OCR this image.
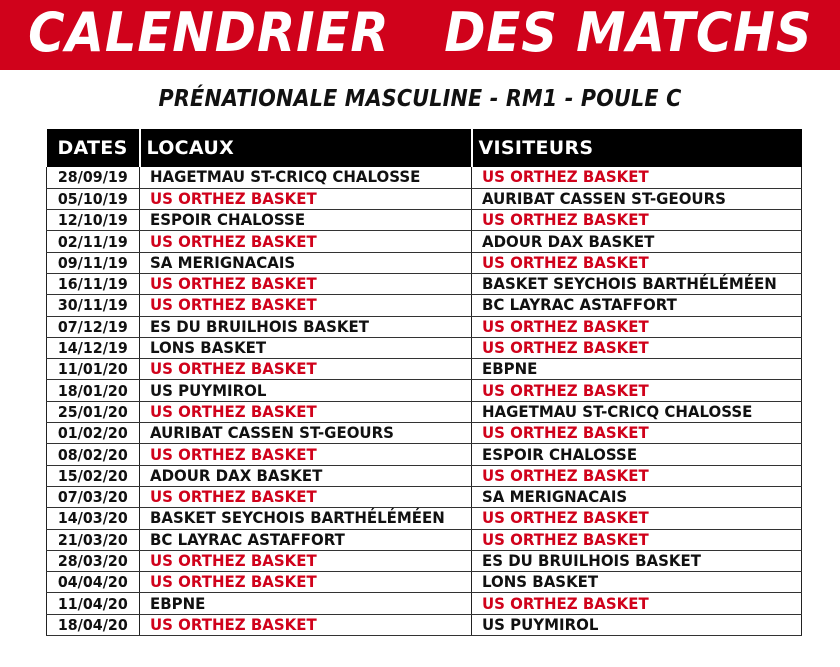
CALENDRIER   DES MATCHS
PRÉNATIONALE MASCULINE - RM1 - POULE C
DATES	LOCAUX	VISITEURS
28/09/19	HAGETMAU ST-CRICQ CHALOSSE	US ORTHEZ BASKET
05/10/19	US ORTHEZ BASKET	AURIBAT CASSEN ST-GEOURS
12/10/19	ESPOIR CHALOSSE	US ORTHEZ BASKET
02/11/19	US ORTHEZ BASKET	ADOUR DAX BASKET
09/11/19	SA MERIGNACAIS	US ORTHEZ BASKET
16/11/19	US ORTHEZ BASKET	BASKET SEYCHOIS BARTHÉLÉMÉEN
30/11/19	US ORTHEZ BASKET	BC LAYRAC ASTAFFORT
07/12/19	ES DU BRUILHOIS BASKET	US ORTHEZ BASKET
14/12/19	LONS BASKET	US ORTHEZ BASKET
11/01/20	US ORTHEZ BASKET	EBPNE
18/01/20	US PUYMIROL	US ORTHEZ BASKET
25/01/20	US ORTHEZ BASKET	HAGETMAU ST-CRICQ CHALOSSE
01/02/20	AURIBAT CASSEN ST-GEOURS	US ORTHEZ BASKET
08/02/20	US ORTHEZ BASKET	ESPOIR CHALOSSE
15/02/20	ADOUR DAX BASKET	US ORTHEZ BASKET
07/03/20	US ORTHEZ BASKET	SA MERIGNACAIS
14/03/20	BASKET SEYCHOIS BARTHÉLÉMÉEN	US ORTHEZ BASKET
21/03/20	BC LAYRAC ASTAFFORT	US ORTHEZ BASKET
28/03/20	US ORTHEZ BASKET	ES DU BRUILHOIS BASKET
04/04/20	US ORTHEZ BASKET	LONS BASKET
11/04/20	EBPNE	US ORTHEZ BASKET
18/04/20	US ORTHEZ BASKET	US PUYMIROL
